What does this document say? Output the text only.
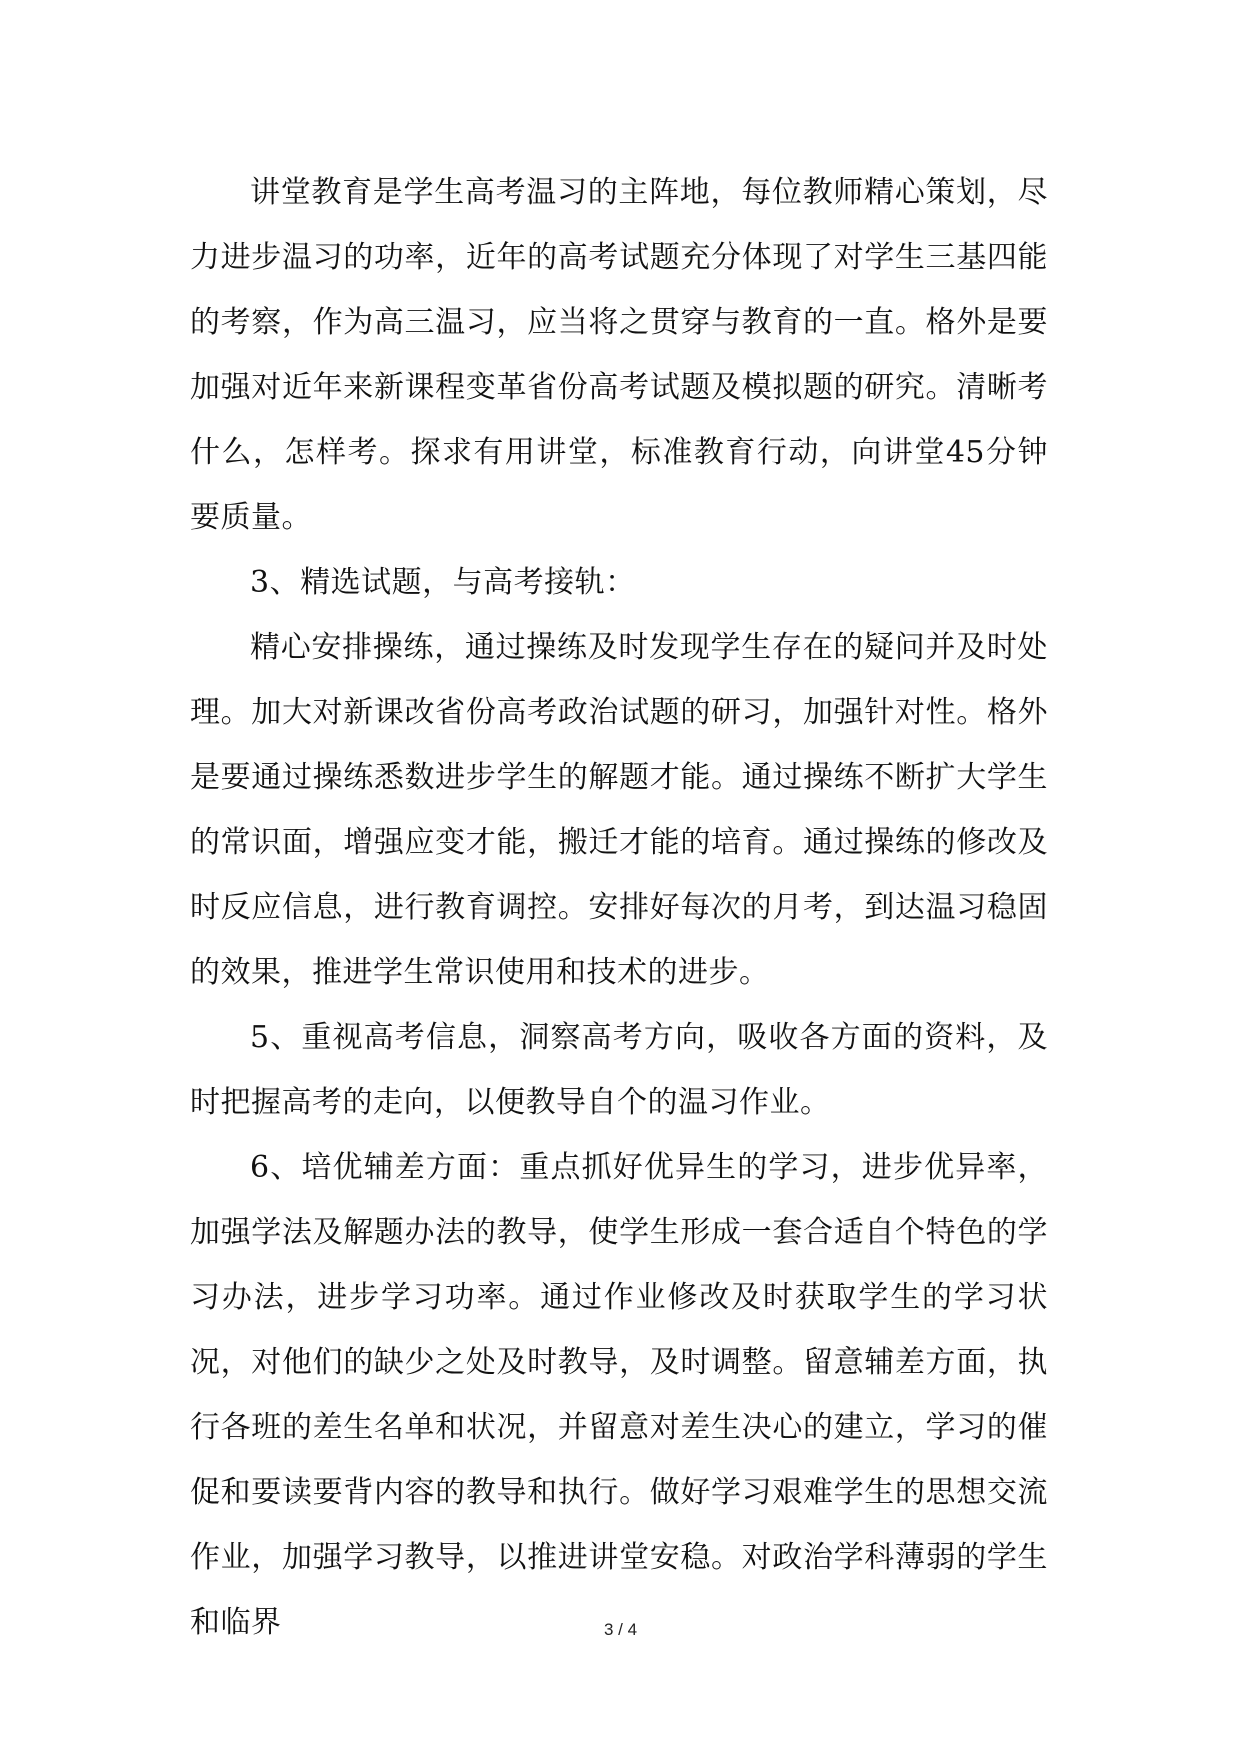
讲堂教育是学生高考温习的主阵地，每位教师精心策划，尽力进步温习的功率，近年的高考试题充分体现了对学生三基四能的考察，作为高三温习，应当将之贯穿与教育的一直。格外是要加强对近年来新课程变革省份高考试题及模拟题的研究。清晰考什么，怎样考。探求有用讲堂，标准教育行动，向讲堂45分钟要质量。

3、精选试题，与高考接轨：

精心安排操练，通过操练及时发现学生存在的疑问并及时处理。加大对新课改省份高考政治试题的研习，加强针对性。格外是要通过操练悉数进步学生的解题才能。通过操练不断扩大学生的常识面，增强应变才能，搬迁才能的培育。通过操练的修改及时反应信息，进行教育调控。安排好每次的月考，到达温习稳固的效果，推进学生常识使用和技术的进步。

5、重视高考信息，洞察高考方向，吸收各方面的资料，及时把握高考的走向，以便教导自个的温习作业。

6、培优辅差方面：重点抓好优异生的学习，进步优异率，加强学法及解题办法的教导，使学生形成一套合适自个特色的学习办法，进步学习功率。通过作业修改及时获取学生的学习状况，对他们的缺少之处及时教导，及时调整。留意辅差方面，执行各班的差生名单和状况，并留意对差生决心的建立，学习的催促和要读要背内容的教导和执行。做好学习艰难学生的思想交流作业，加强学习教导，以推进讲堂安稳。对政治学科薄弱的学生和临界	3 / 4
